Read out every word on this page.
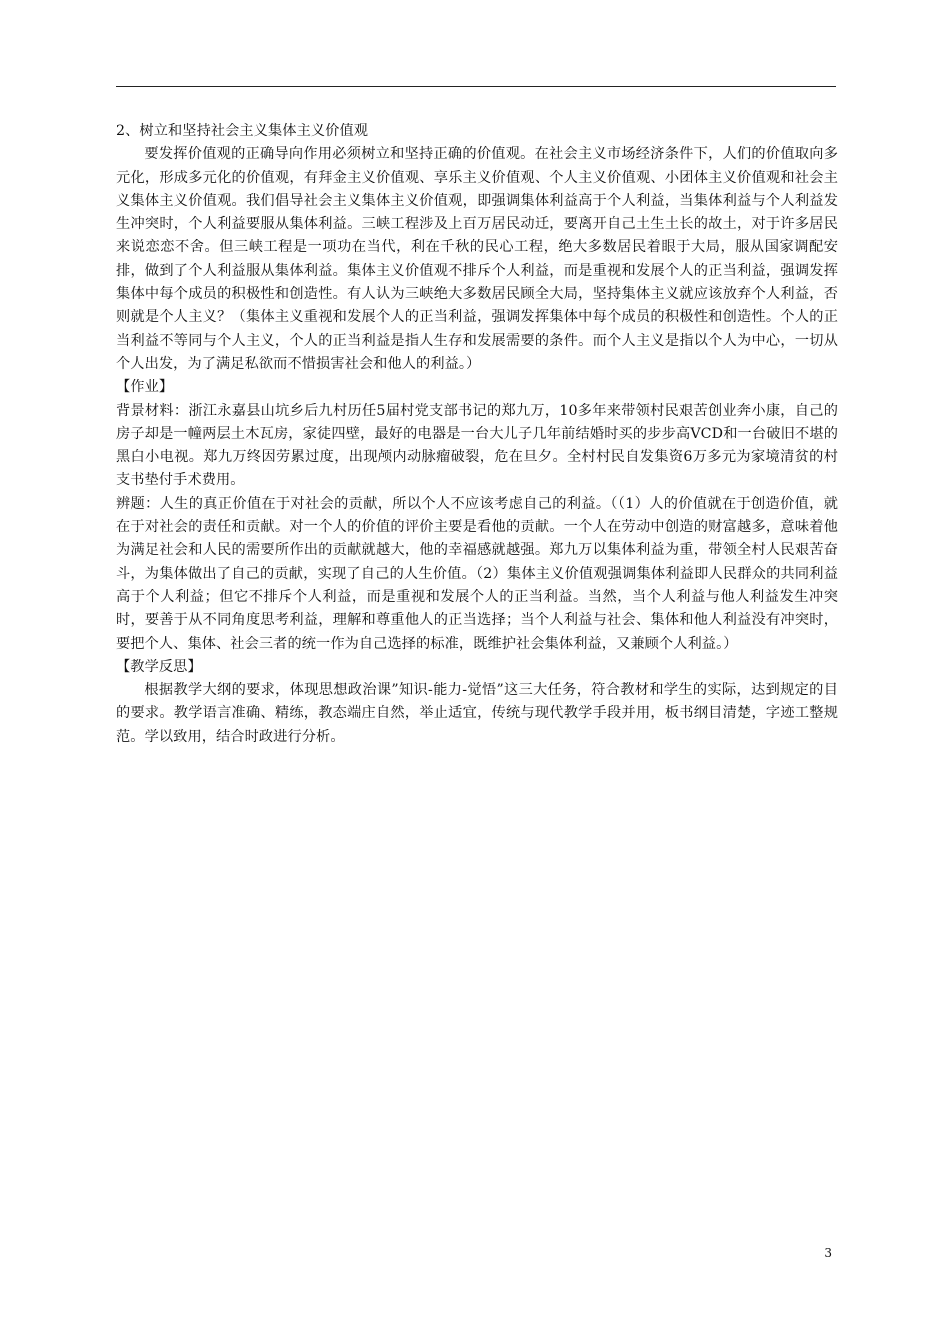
2、树立和坚持社会主义集体主义价值观

要发挥价值观的正确导向作用必须树立和坚持正确的价值观。在社会主义市场经济条件下，人们的价值取向多元化，形成多元化的价值观，有拜金主义价值观、享乐主义价值观、个人主义价值观、小团体主义价值观和社会主义集体主义价值观。我们倡导社会主义集体主义价值观，即强调集体利益高于个人利益，当集体利益与个人利益发生冲突时，个人利益要服从集体利益。三峡工程涉及上百万居民动迁，要离开自己土生土长的故土，对于许多居民来说恋恋不舍。但三峡工程是一项功在当代，利在千秋的民心工程，绝大多数居民着眼于大局，服从国家调配安排，做到了个人利益服从集体利益。集体主义价值观不排斥个人利益，而是重视和发展个人的正当利益，强调发挥集体中每个成员的积极性和创造性。有人认为三峡绝大多数居民顾全大局，坚持集体主义就应该放弃个人利益，否则就是个人主义？（集体主义重视和发展个人的正当利益，强调发挥集体中每个成员的积极性和创造性。个人的正当利益不等同与个人主义，个人的正当利益是指人生存和发展需要的条件。而个人主义是指以个人为中心，一切从个人出发，为了满足私欲而不惜损害社会和他人的利益。）

【作业】

背景材料：浙江永嘉县山坑乡后九村历任5届村党支部书记的郑九万，10多年来带领村民艰苦创业奔小康，自己的房子却是一幢两层土木瓦房，家徒四壁，最好的电器是一台大儿子几年前结婚时买的步步高VCD和一台破旧不堪的黑白小电视。郑九万终因劳累过度，出现颅内动脉瘤破裂，危在旦夕。全村村民自发集资6万多元为家境清贫的村支书垫付手术费用。

辨题：人生的真正价值在于对社会的贡献，所以个人不应该考虑自己的利益。（（1）人的价值就在于创造价值，就在于对社会的责任和贡献。对一个人的价值的评价主要是看他的贡献。一个人在劳动中创造的财富越多，意味着他为满足社会和人民的需要所作出的贡献就越大，他的幸福感就越强。郑九万以集体利益为重，带领全村人民艰苦奋斗，为集体做出了自己的贡献，实现了自己的人生价值。（2）集体主义价值观强调集体利益即人民群众的共同利益高于个人利益；但它不排斥个人利益，而是重视和发展个人的正当利益。当然，当个人利益与他人利益发生冲突时，要善于从不同角度思考利益，理解和尊重他人的正当选择；当个人利益与社会、集体和他人利益没有冲突时，要把个人、集体、社会三者的统一作为自己选择的标准，既维护社会集体利益，又兼顾个人利益。）

【教学反思】

根据教学大纲的要求，体现思想政治课”知识-能力-觉悟”这三大任务，符合教材和学生的实际，达到规定的目的要求。教学语言准确、精练，教态端庄自然，举止适宜，传统与现代教学手段并用，板书纲目清楚，字迹工整规范。学以致用，结合时政进行分析。

3
